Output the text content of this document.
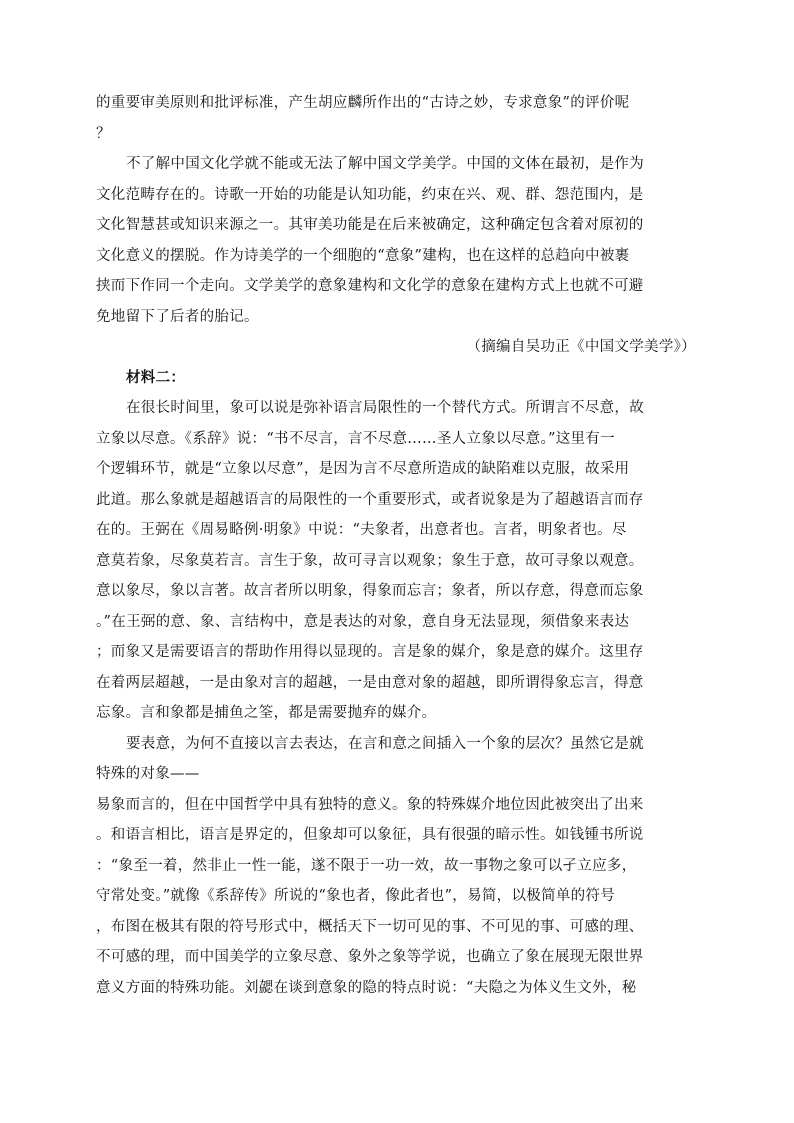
的重要审美原则和批评标准，产生胡应麟所作出的“古诗之妙，专求意象”的评价呢
？
不了解中国文化学就不能或无法了解中国文学美学。中国的文体在最初，是作为
文化范畴存在的。诗歌一开始的功能是认知功能，约束在兴、观、群、怨范围内，是
文化智慧甚或知识来源之一。其审美功能是在后来被确定，这种确定包含着对原初的
文化意义的摆脱。作为诗美学的一个细胞的“意象”建构，也在这样的总趋向中被裹
挟而下作同一个走向。文学美学的意象建构和文化学的意象在建构方式上也就不可避
免地留下了后者的胎记。
（摘编自吴功正《中国文学美学》）
材料二：
在很长时间里，象可以说是弥补语言局限性的一个替代方式。所谓言不尽意，故
立象以尽意。《系辞》说：“书不尽言，言不尽意……圣人立象以尽意。”这里有一
个逻辑环节，就是“立象以尽意”，是因为言不尽意所造成的缺陷难以克服，故采用
此道。那么象就是超越语言的局限性的一个重要形式，或者说象是为了超越语言而存
在的。王弼在《周易略例·明象》中说：“夫象者，出意者也。言者，明象者也。尽
意莫若象，尽象莫若言。言生于象，故可寻言以观象；象生于意，故可寻象以观意。
意以象尽，象以言著。故言者所以明象，得象而忘言；象者，所以存意，得意而忘象
。”在王弼的意、象、言结构中，意是表达的对象，意自身无法显现，须借象来表达
；而象又是需要语言的帮助作用得以显现的。言是象的媒介，象是意的媒介。这里存
在着两层超越，一是由象对言的超越，一是由意对象的超越，即所谓得象忘言，得意
忘象。言和象都是捕鱼之筌，都是需要抛弃的媒介。
要表意，为何不直接以言去表达，在言和意之间插入一个象的层次？虽然它是就
特殊的对象——
易象而言的，但在中国哲学中具有独特的意义。象的特殊媒介地位因此被突出了出来
。和语言相比，语言是界定的，但象却可以象征，具有很强的暗示性。如钱锺书所说
：“象至一着，然非止一性一能，遂不限于一功一效，故一事物之象可以孑立应多，
守常处变。”就像《系辞传》所说的“象也者，像此者也”，易简，以极简单的符号
，布图在极其有限的符号形式中，概括天下一切可见的事、不可见的事、可感的理、
不可感的理，而中国美学的立象尽意、象外之象等学说，也确立了象在展现无限世界
意义方面的特殊功能。刘勰在谈到意象的隐的特点时说：“夫隐之为体义生文外，秘
